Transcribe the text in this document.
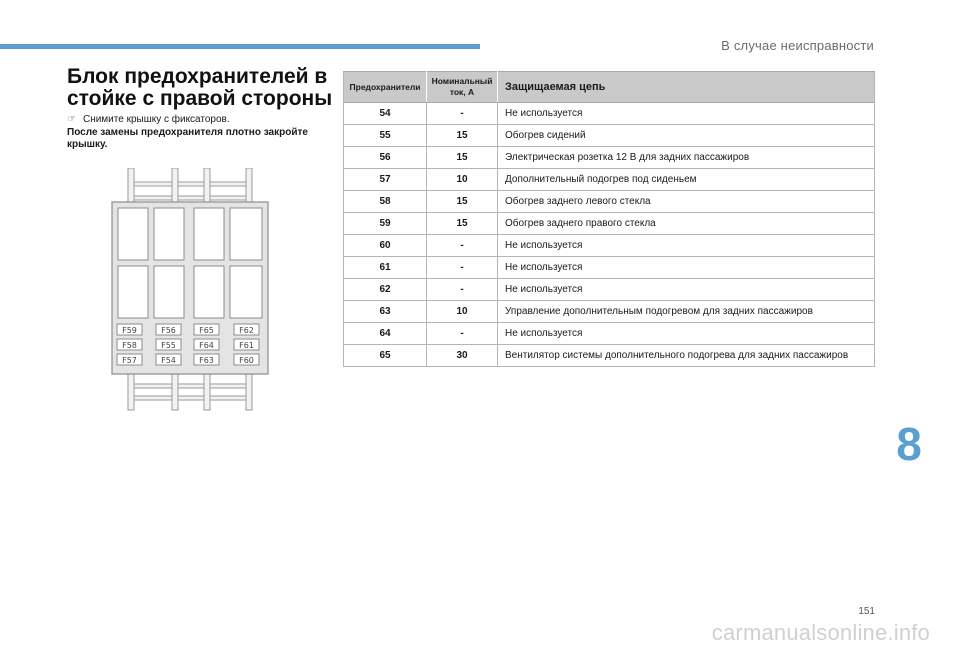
В случае неисправности
Блок предохранителей в стойке с правой стороны
☞ Снимите крышку с фиксаторов.
После замены предохранителя плотно закройте крышку.
F59	F56	F65	F62
F58	F55	F64	F61
F57	F54	F63	F60
Предохранители	Номинальный ток, А	Защищаемая цепь
54	-	Не используется
55	15	Обогрев сидений
56	15	Электрическая розетка 12 В для задних пассажиров
57	10	Дополнительный подогрев под сиденьем
58	15	Обогрев заднего левого стекла
59	15	Обогрев заднего правого стекла
60	-	Не используется
61	-	Не используется
62	-	Не используется
63	10	Управление дополнительным подогревом для задних пассажиров
64	-	Не используется
65	30	Вентилятор системы дополнительного подогрева для задних пассажиров
8
151
carmanualsonline.info
